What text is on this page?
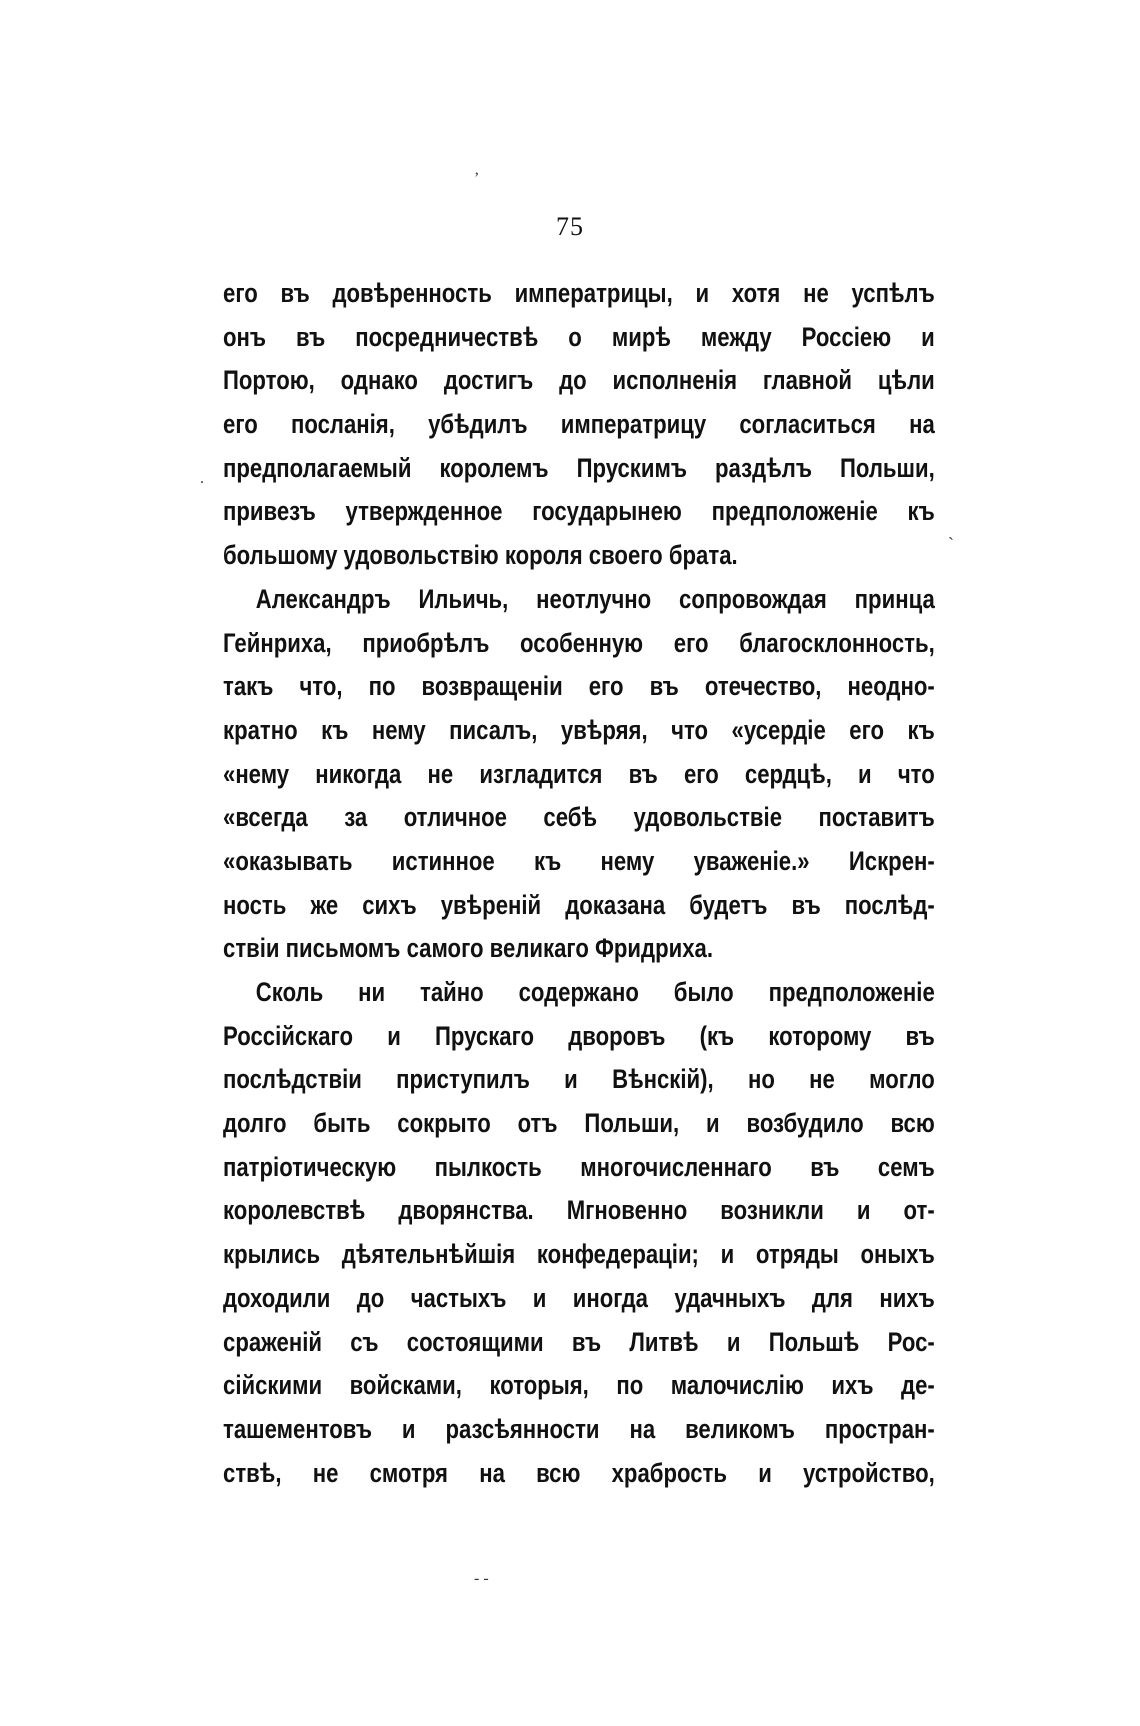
ʼ
75
его въ довѣренность императрицы, и хотя не успѣлъ
онъ въ посредничествѣ о мирѣ между Россiею и
Портою, однако достигъ до исполненiя главной цѣли
его посланiя, убѣдилъ императрицу согласиться на
предполагаемый королемъ Прускимъ раздѣлъ Польши,
привезъ утвержденное государынею предположенiе къ
большому удовольствiю короля своего брата.
Александръ Ильичь, неотлучно сопровождая принца
Гейнриха, приобрѣлъ особенную его благосклонность,
такъ что, по возвращенiи его въ отечество, неодно-
кратно къ нему писалъ, увѣряя, что «усердiе его къ
«нему никогда не изгладится въ его сердцѣ, и что
«всегда за отличное себѣ удовольствiе поставитъ
«оказывать истинное къ нему уваженiе.» Искрен-
ность же сихъ увѣренiй доказана будетъ въ послѣд-
ствiи письмомъ самого великаго Фридриха.
Сколь ни тайно содержано было предположенiе
Россiйскаго и Прускаго дворовъ (къ которому въ
послѣдствiи приступилъ и Вѣнскiй), но не могло
долго быть сокрыто отъ Польши, и возбудило всю
патрiотическую пылкость многочисленнаго въ семъ
королевствѣ дворянства. Мгновенно возникли и от-
крылись дѣятельнѣйшiя конфедерацiи; и отряды оныхъ
доходили до частыхъ и иногда удачныхъ для нихъ
сраженiй съ состоящими въ Литвѣ и Польшѣ Рос-
сiйскими войсками, которыя, по малочислiю ихъ де-
ташементовъ и разсѣянности на великомъ простран-
ствѣ, не смотря на всю храбрость и устройство,
.
ˎ
- -
